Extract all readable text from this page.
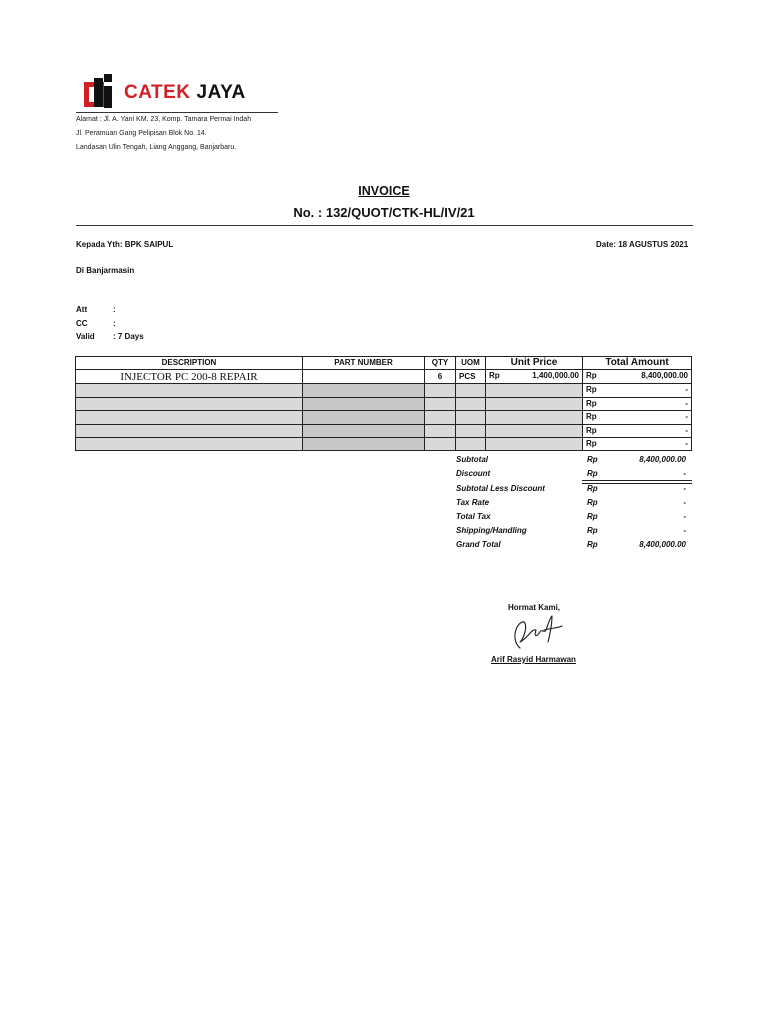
CATEK JAYA
Alamat : Jl. A. Yani KM. 23, Komp. Tamara Permai Indah
Jl. Peramuan Gang Pelipisan Blok No. 14.
Landasan Ulin Tengah, Liang Anggang, Banjarbaru.
INVOICE
No. : 132/QUOT/CTK-HL/IV/21
Kepada Yth: BPK SAIPUL	Date: 18 AGUSTUS 2021
Di Banjarmasin
Att	:
CC	:
Valid : 7 Days
DESCRIPTION	PART NUMBER	QTY	UOM	Unit Price	Total Amount
INJECTOR PC 200-8 REPAIR		6	PCS	Rp 1,400,000.00	Rp 8,400,000.00

					Rp -

					Rp -

					Rp -

					Rp -

					Rp -
Subtotal	Rp	8,400,000.00
Discount	Rp	-
Subtotal Less Discount	Rp	-
Tax Rate	Rp	-
Total Tax	Rp	-
Shipping/Handling	Rp	-
Grand Total	Rp	8,400,000.00
Hormat Kami,
Arif Rasyid Harmawan
